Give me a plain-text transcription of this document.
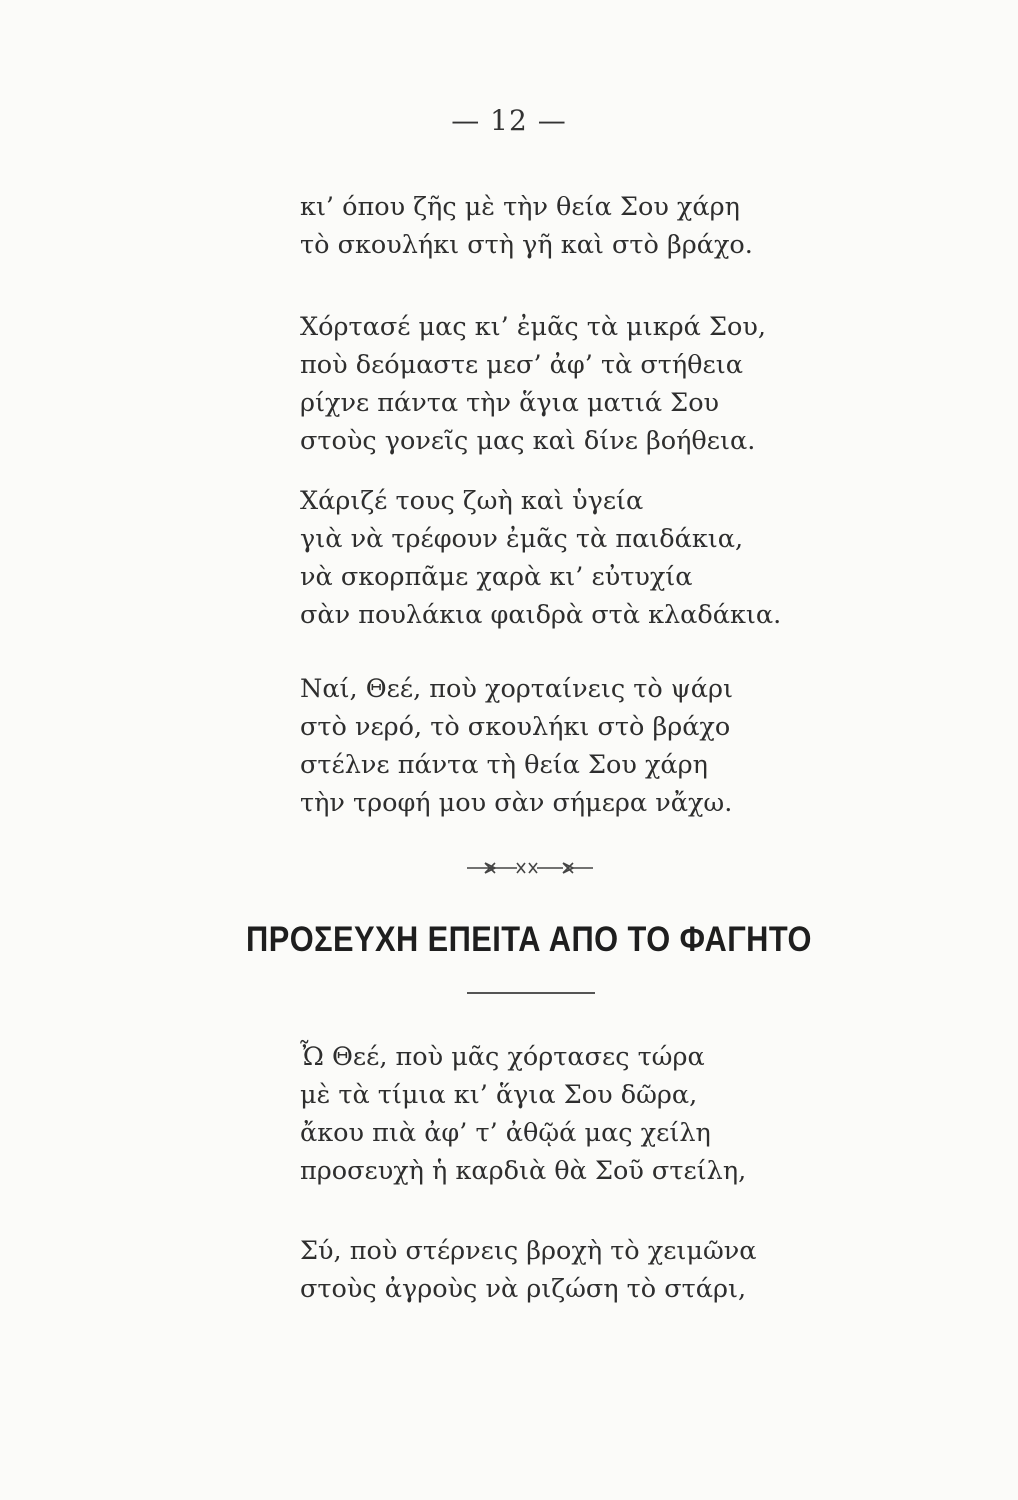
— 12 —
κι’ όπου ζῆς μὲ τὴν θεία Σου χάρη
τὸ σκουλήκι στὴ γῆ καὶ στὸ βράχο.
Χόρτασέ μας κι’ ἐμᾶς τὰ μικρά Σου,
ποὺ δεόμαστε μεσ’ ἀφ’ τὰ στήθεια
ρίχνε πάντα τὴν ἅγια ματιά Σου
στοὺς γονεῖς μας καὶ δίνε βοήθεια.
Χάριζέ τους ζωὴ καὶ ὑγεία
γιὰ νὰ τρέφουν ἐμᾶς τὰ παιδάκια,
νὰ σκορπᾶμε χαρὰ κι’ εὐτυχία
σὰν πουλάκια φαιδρὰ στὰ κλαδάκια.
Ναί, Θεέ, ποὺ χορταίνεις τὸ ψάρι
στὸ νερό, τὸ σκουλήκι στὸ βράχο
στέλνε πάντα τὴ θεία Σου χάρη
τὴν τροφή μου σὰν σήμερα νἄχω.
ΠΡΟΣΕΥΧΗ ΕΠΕΙΤΑ ΑΠΟ ΤΟ ΦΑΓΗΤΟ
Ὦ Θεέ, ποὺ μᾶς χόρτασες τώρα
μὲ τὰ τίμια κι’ ἅγια Σου δῶρα,
ἄκου πιὰ ἀφ’ τ’ ἀθῷά μας χείλη
προσευχὴ ἡ καρδιὰ θὰ Σοῦ στείλη,
Σύ, ποὺ στέρνεις βροχὴ τὸ χειμῶνα
στοὺς ἀγροὺς νὰ ριζώση τὸ στάρι,
